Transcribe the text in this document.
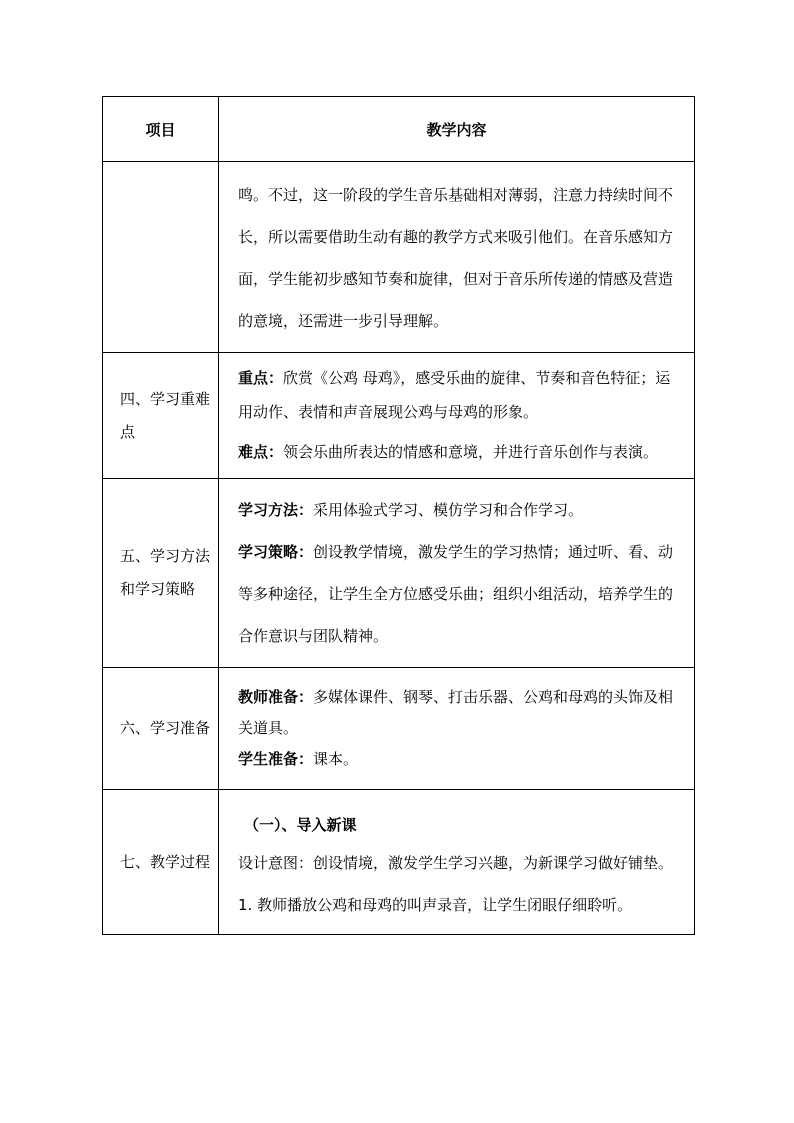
项目	教学内容

	鸣。不过，这一阶段的学生音乐基础相对薄弱，注意力持续时间不长，所以需要借助生动有趣的教学方式来吸引他们。在音乐感知方面，学生能初步感知节奏和旋律，但对于音乐所传递的情感及营造的意境，还需进一步引导理解。

四、学习重难点	重点：欣赏《公鸡 母鸡》，感受乐曲的旋律、节奏和音色特征；运用动作、表情和声音展现公鸡与母鸡的形象。

难点：领会乐曲所表达的情感和意境，并进行音乐创作与表演。

五、学习方法和学习策略	学习方法：采用体验式学习、模仿学习和合作学习。

学习策略：创设教学情境，激发学生的学习热情；通过听、看、动等多种途径，让学生全方位感受乐曲；组织小组活动，培养学生的合作意识与团队精神。

六、学习准备	教师准备：多媒体课件、钢琴、打击乐器、公鸡和母鸡的头饰及相关道具。

学生准备：课本。

七、教学过程	（一）、导入新课

设计意图：创设情境，激发学生学习兴趣，为新课学习做好铺垫。

1. 教师播放公鸡和母鸡的叫声录音，让学生闭眼仔细聆听。
